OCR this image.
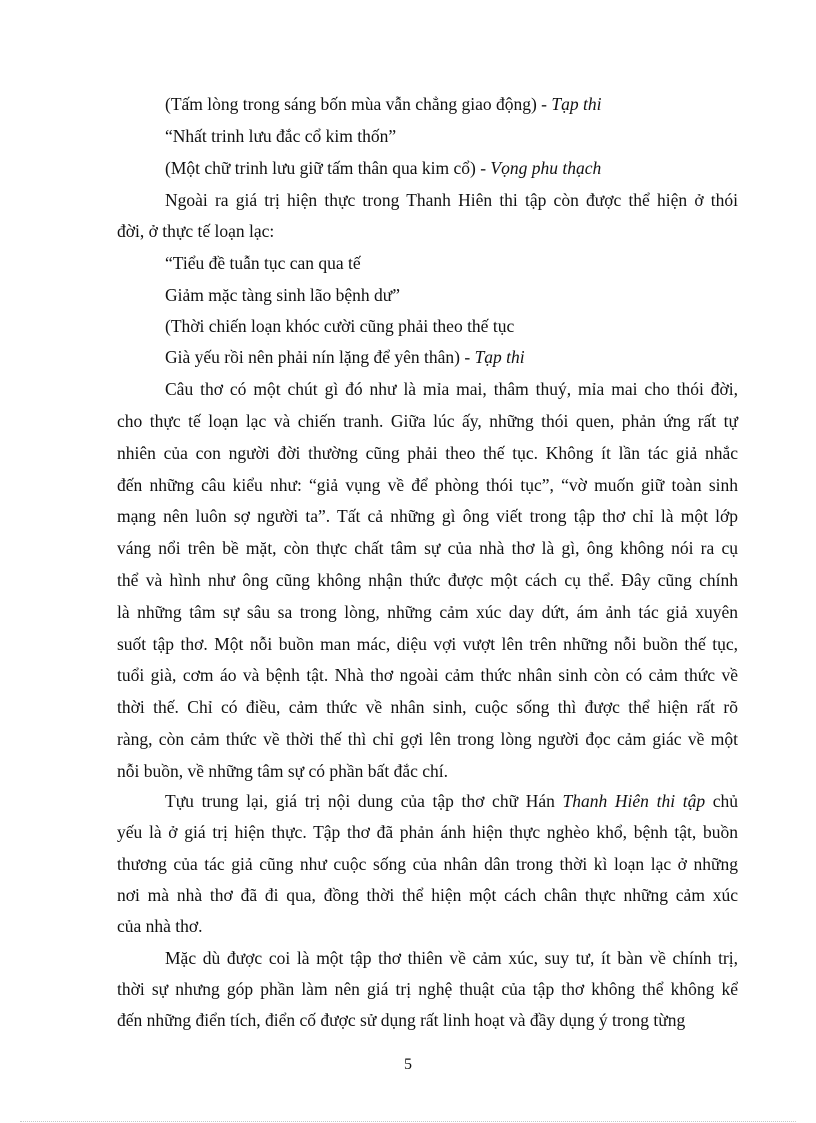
(Tấm lòng trong sáng bốn mùa vẫn chẳng giao động) - Tạp thi
“Nhất trinh lưu đắc cổ kim thốn”
(Một chữ trinh lưu giữ tấm thân qua kim cổ) - Vọng phu thạch
Ngoài ra giá trị hiện thực trong Thanh Hiên thi tập còn được thể hiện ở thói
đời, ở thực tế loạn lạc:
“Tiểu đề tuẫn tục can qua tế
Giảm mặc tàng sinh lão bệnh dư”
(Thời chiến loạn khóc cười cũng phải theo thế tục
Già yếu rồi nên phải nín lặng để yên thân) - Tạp thi
Câu thơ có một chút gì đó như là mỉa mai, thâm thuý, mỉa mai cho thói đời,
cho thực tế loạn lạc và chiến tranh. Giữa lúc ấy, những thói quen, phản ứng rất tự
nhiên của con người đời thường cũng phải theo thế tục. Không ít lần tác giả nhắc
đến những câu kiểu như: “giả vụng về để phòng thói tục”, “vờ muốn giữ toàn sinh
mạng nên luôn sợ người ta”. Tất cả những gì ông viết trong tập thơ chỉ là một lớp
váng nổi trên bề mặt, còn thực chất tâm sự của nhà thơ là gì, ông không nói ra cụ
thể và hình như ông cũng không nhận thức được một cách cụ thể. Đây cũng chính
là những tâm sự sâu sa trong lòng, những cảm xúc day dứt, ám ảnh tác giả xuyên
suốt tập thơ. Một nỗi buồn man mác, diệu vợi vượt lên trên những nỗi buồn thế tục,
tuổi già, cơm áo và bệnh tật. Nhà thơ ngoài cảm thức nhân sinh còn có cảm thức về
thời thế. Chỉ có điều, cảm thức về nhân sinh, cuộc sống thì được thể hiện rất rõ
ràng, còn cảm thức về thời thế thì chỉ gợi lên trong lòng người đọc cảm giác về một
nỗi buồn, về những tâm sự có phần bất đắc chí.
Tựu trung lại, giá trị nội dung của tập thơ chữ Hán Thanh Hiên thi tập chủ
yếu là ở giá trị hiện thực. Tập thơ đã phản ánh hiện thực nghèo khổ, bệnh tật, buồn
thương của tác giả cũng như cuộc sống của nhân dân trong thời kì loạn lạc ở những
nơi mà nhà thơ đã đi qua, đồng thời thể hiện một cách chân thực những cảm xúc
của nhà thơ.
Mặc dù được coi là một tập thơ thiên về cảm xúc, suy tư, ít bàn về chính trị,
thời sự nhưng góp phần làm nên giá trị nghệ thuật của tập thơ không thể không kể
đến những điển tích, điển cố được sử dụng rất linh hoạt và đầy dụng ý trong từng
5
